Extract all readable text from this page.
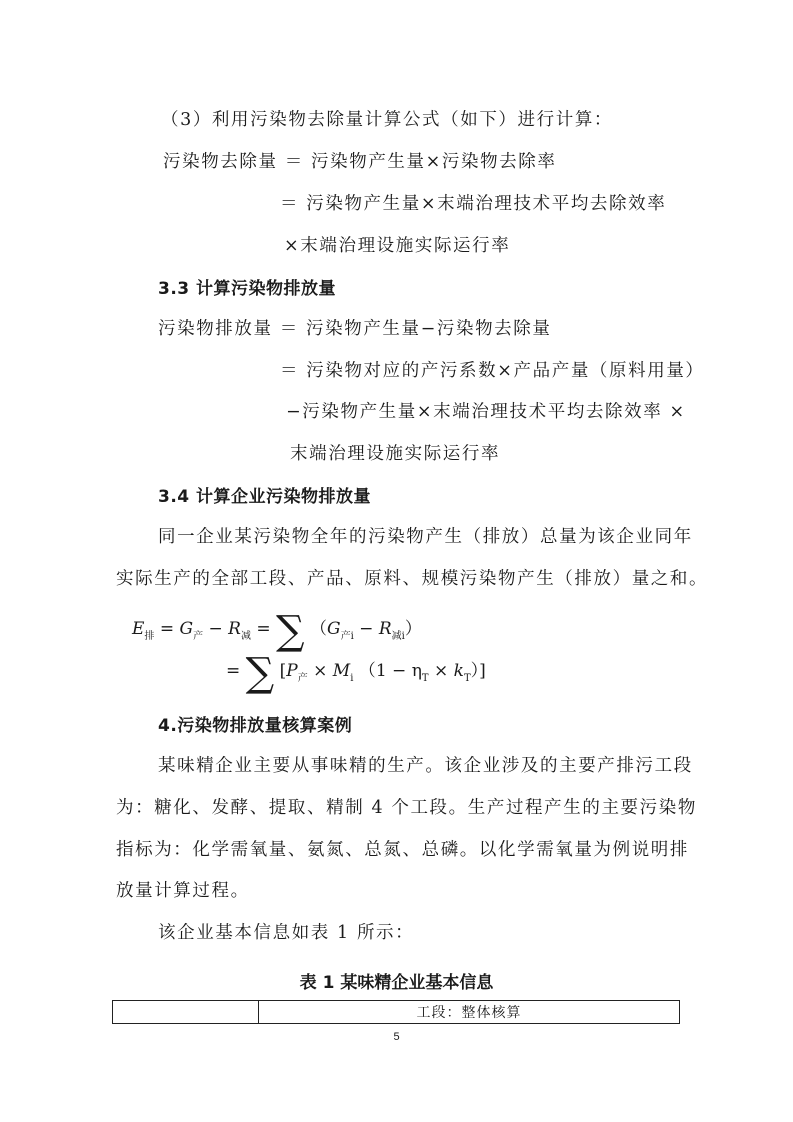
（3）利用污染物去除量计算公式（如下）进行计算：
污染物去除量 ＝ 污染物产生量×污染物去除率
＝ 污染物产生量×末端治理技术平均去除效率
×末端治理设施实际运行率
3.3 计算污染物排放量
污染物排放量 ＝ 污染物产生量−污染物去除量
＝ 污染物对应的产污系数×产品产量（原料用量）
−污染物产生量×末端治理技术平均去除效率 ×
末端治理设施实际运行率
3.4 计算企业污染物排放量
同一企业某污染物全年的污染物产生（排放）总量为该企业同年
实际生产的全部工段、产品、原料、规模污染物产生（排放）量之和。
$E_排 = G_产 - R_减$ = ∑ $(G_{产i} - R_{减i})$
= ∑ [$P_产 \times M_i$ $(1 - \eta_T \times k_T)$]
4.污染物排放量核算案例
某味精企业主要从事味精的生产。该企业涉及的主要产排污工段
为：糖化、发酵、提取、精制 4 个工段。生产过程产生的主要污染物
指标为：化学需氧量、氨氮、总氮、总磷。以化学需氧量为例说明排
放量计算过程。
该企业基本信息如表 1 所示：
表 1 某味精企业基本信息
	工段：整体核算
5
